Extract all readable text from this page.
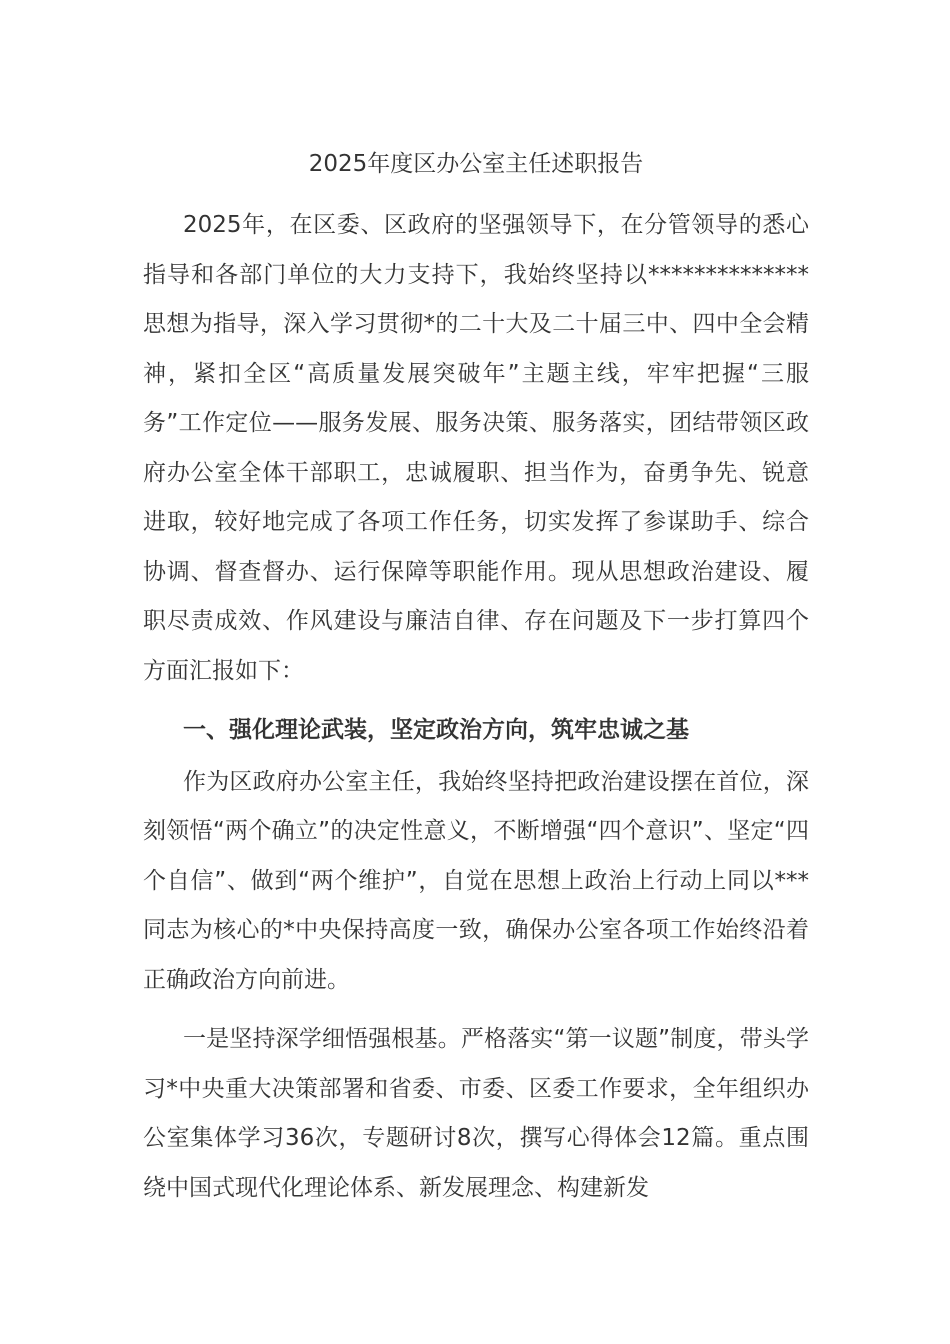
2025年度区办公室主任述职报告

2025年，在区委、区政府的坚强领导下，在分管领导的悉心指导和各部门单位的大力支持下，我始终坚持以**************思想为指导，深入学习贯彻*的二十大及二十届三中、四中全会精神，紧扣全区“高质量发展突破年”主题主线，牢牢把握“三服务”工作定位——服务发展、服务决策、服务落实，团结带领区政府办公室全体干部职工，忠诚履职、担当作为，奋勇争先、锐意进取，较好地完成了各项工作任务，切实发挥了参谋助手、综合协调、督查督办、运行保障等职能作用。现从思想政治建设、履职尽责成效、作风建设与廉洁自律、存在问题及下一步打算四个方面汇报如下：

一、强化理论武装，坚定政治方向，筑牢忠诚之基

作为区政府办公室主任，我始终坚持把政治建设摆在首位，深刻领悟“两个确立”的决定性意义，不断增强“四个意识”、坚定“四个自信”、做到“两个维护”，自觉在思想上政治上行动上同以***同志为核心的*中央保持高度一致，确保办公室各项工作始终沿着正确政治方向前进。

一是坚持深学细悟强根基。严格落实“第一议题”制度，带头学习*中央重大决策部署和省委、市委、区委工作要求，全年组织办公室集体学习36次，专题研讨8次，撰写心得体会12篇。重点围绕中国式现代化理论体系、新发展理念、构建新发
